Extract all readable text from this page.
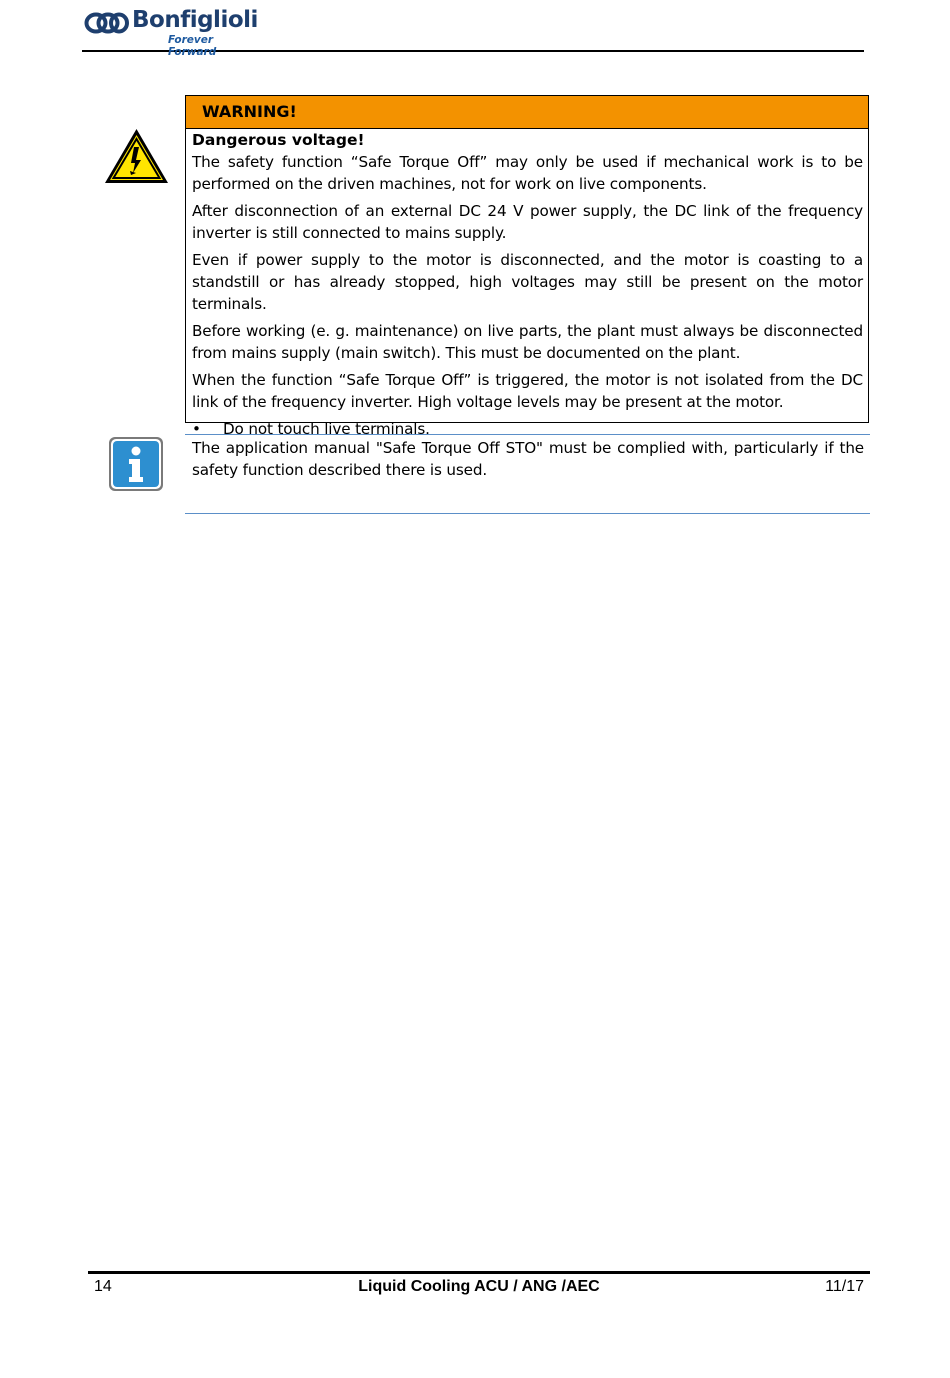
Bonfiglioli
Forever Forward
WARNING!
Dangerous voltage!

The safety function “Safe Torque Off” may only be used if mechanical work is to be performed on the driven machines, not for work on live components.

After disconnection of an external DC 24 V power supply, the DC link of the frequency inverter is still connected to mains supply.

Even if power supply to the motor is disconnected, and the motor is coasting to a standstill or has already stopped, high voltages may still be present on the motor terminals.

Before working (e. g. maintenance) on live parts, the plant must always be disconnected from mains supply (main switch). This must be documented on the plant.

When the function “Safe Torque Off” is triggered, the motor is not isolated from the DC link of the frequency inverter. High voltage levels may be present at the motor.

•	Do not touch live terminals.
The application manual "Safe Torque Off STO" must be complied with, particularly if the safety function described there is used.
Liquid Cooling ACU / ANG /AEC
14	11/17
